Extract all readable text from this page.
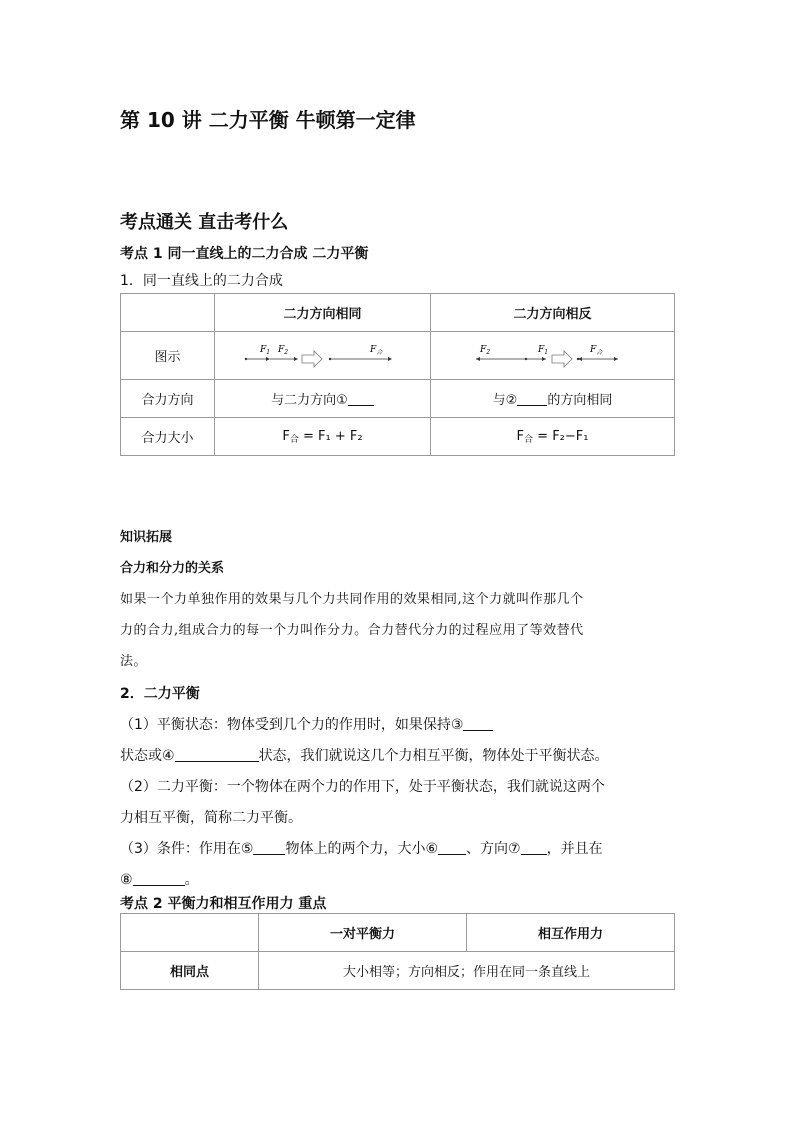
第 10 讲 二力平衡 牛顿第一定律
考点通关 直击考什么
考点 1 同一直线上的二力合成 二力平衡
1．同一直线上的二力合成
	二力方向相同	二力方向相反
图示	$F_1$ $F_2$ $F_合$	$F_2$ $F_1$ $F_合$

合力方向	与二力方向①	与② 的方向相同
合力大小	F合 = F₁ + F₂	F合 = F₂−F₁
知识拓展
合力和分力的关系
如果一个力单独作用的效果与几个力共同作用的效果相同,这个力就叫作那几个
力的合力,组成合力的每一个力叫作分力。合力替代分力的过程应用了等效替代
法。
2．二力平衡
（1）平衡状态：物体受到几个力的作用时，如果保持③
状态或④	状态，我们就说这几个力相互平衡，物体处于平衡状态。
（2）二力平衡：一个物体在两个力的作用下，处于平衡状态，我们就说这两个
力相互平衡，简称二力平衡。
（3）条件：作用在⑤ 物体上的两个力，大小⑥ 、方向⑦ ，并且在
⑧	。
考点 2 平衡力和相互作用力 重点
	一对平衡力	相互作用力
相同点	大小相等；方向相反；作用在同一条直线上	
